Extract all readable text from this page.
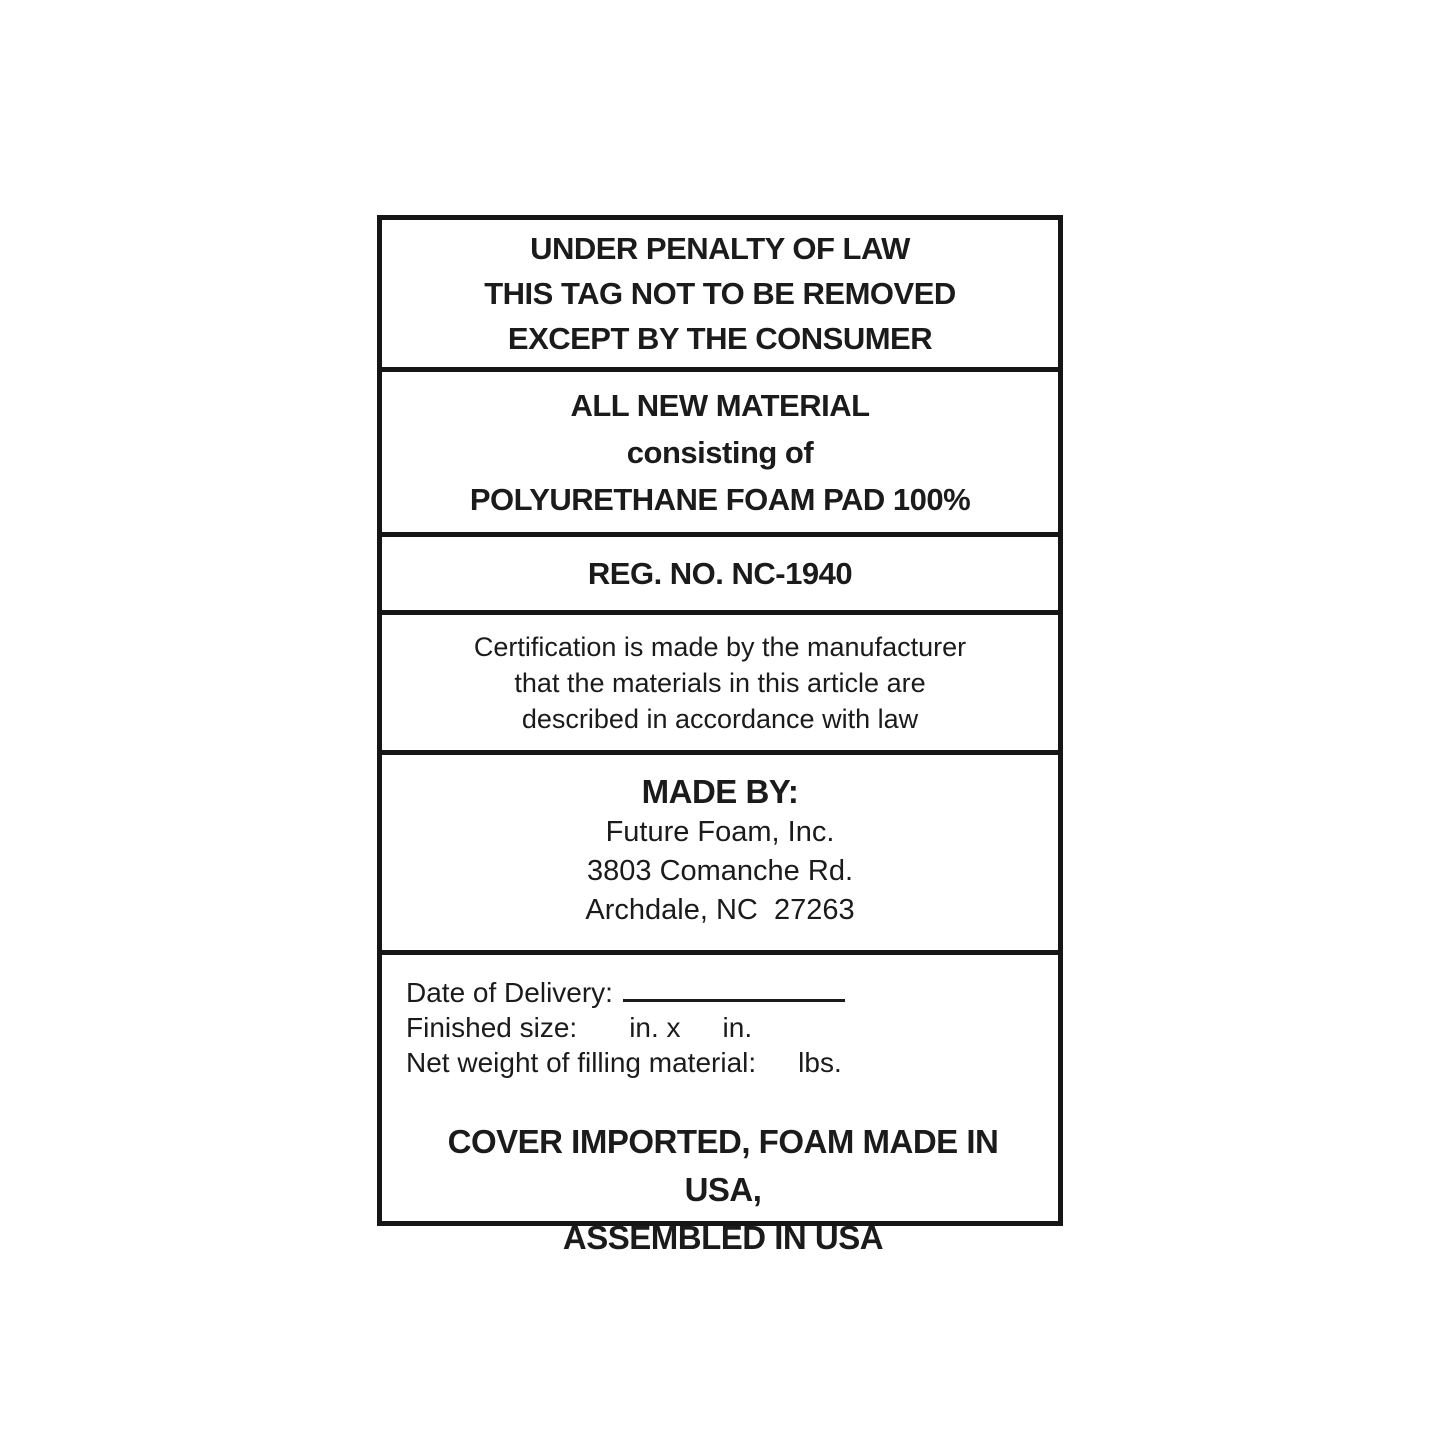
UNDER PENALTY OF LAW
THIS TAG NOT TO BE REMOVED
EXCEPT BY THE CONSUMER
ALL NEW MATERIAL
consisting of
POLYURETHANE FOAM PAD 100%
REG. NO. NC-1940
Certification is made by the manufacturer
that the materials in this article are
described in accordance with law
MADE BY:
Future Foam, Inc.
3803 Comanche Rd.
Archdale, NC  27263
Date of Delivery:
Finished size: in. x in.
Net weight of filling material: lbs.
COVER IMPORTED, FOAM MADE IN USA,
ASSEMBLED IN USA
